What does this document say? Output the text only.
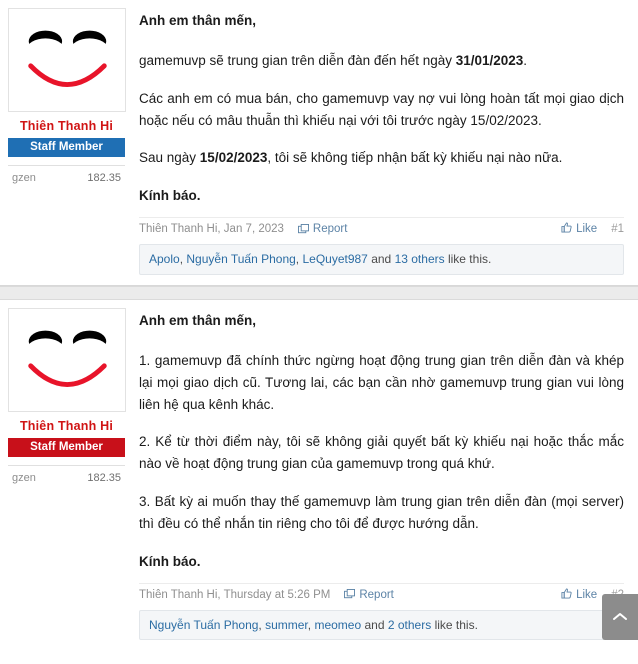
Thiên Thanh Hi
Staff Member
gzen	182.35

Anh em thân mến,

gamemuvp sẽ trung gian trên diễn đàn đến hết ngày 31/01/2023.

Các anh em có mua bán, cho gamemuvp vay nợ vui lòng hoàn tất mọi giao dịch hoặc nếu có mâu thuẫn thì khiếu nại với tôi trước ngày 15/02/2023.

Sau ngày 15/02/2023, tôi sẽ không tiếp nhận bất kỳ khiếu nại nào nữa.

Kính báo.

Thiên Thanh Hi, Jan 7, 2023	Report	Like #1
Apolo, Nguyễn Tuấn Phong, LeQuyet987 and 13 others like this.
Thiên Thanh Hi
Staff Member
gzen	182.35

Anh em thân mến,

1. gamemuvp đã chính thức ngừng hoạt động trung gian trên diễn đàn và khép lại mọi giao dịch cũ. Tương lai, các bạn cần nhờ gamemuvp trung gian vui lòng liên hệ qua kênh khác.

2. Kể từ thời điểm này, tôi sẽ không giải quyết bất kỳ khiếu nại hoặc thắc mắc nào về hoạt động trung gian của gamemuvp trong quá khứ.

3. Bất kỳ ai muốn thay thế gamemuvp làm trung gian trên diễn đàn (mọi server) thì đều có thể nhắn tin riêng cho tôi để được hướng dẫn.

Kính báo.

Thiên Thanh Hi, Thursday at 5:26 PM	Report	Like
Nguyễn Tuấn Phong, summer, meomeo and 2 others like this.
